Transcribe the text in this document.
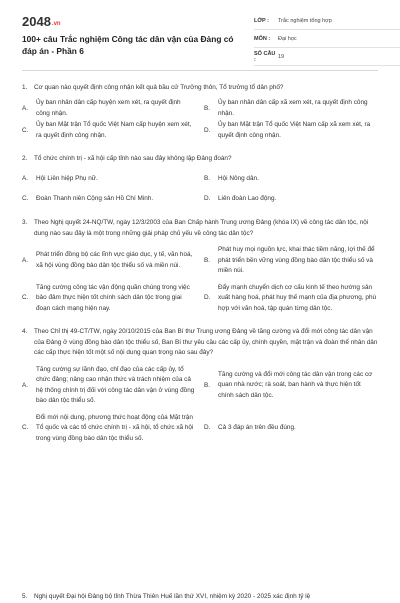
2048.vn
100+ câu Trắc nghiệm Công tác dân vận của Đảng có đáp án - Phần 6
LỚP :	Trắc nghiệm tổng hợp
MÔN :	Đại học
SỐ CÂU :	19
1. Cơ quan nào quyết định công nhận kết quả bầu cử Trưởng thôn, Tổ trưởng tổ dân phố?
A.
Ủy ban nhân dân cấp huyện xem xét, ra quyết định công nhận.
B.
Ủy ban nhân dân cấp xã xem xét, ra quyết định công nhận.
C.
Ủy ban Mặt trận Tổ quốc Việt Nam cấp huyện xem xét, ra quyết định công nhận.
D.
Ủy ban Mặt trận Tổ quốc Việt Nam cấp xã xem xét, ra quyết định công nhận.
2. Tổ chức chính trị - xã hội cấp tỉnh nào sau đây không lập Đảng đoàn?
A. Hội Liên hiệp Phụ nữ.	B. Hội Nông dân.
C. Đoàn Thanh niên Cộng sản Hồ Chí Minh.	D. Liên đoàn Lao động.
3. Theo Nghị quyết 24-NQ/TW, ngày 12/3/2003 của Ban Chấp hành Trung ương Đảng (khóa IX) về công tác dân tộc, nội dung nào sau đây là một trong những giải pháp chủ yếu về công tác dân tộc?
A.
Phát triển đồng bộ các lĩnh vực giáo dục, y tế, văn hoá, xã hội vùng đồng bào dân tộc thiểu số và miền núi.
B.
Phát huy mọi nguồn lực, khai thác tiềm năng, lợi thế để phát triển bền vững vùng đồng bào dân tộc thiểu số và miền núi.
C.
Tăng cường công tác vận động quần chúng trong việc bảo đảm thực hiện tốt chính sách dân tộc trong giai đoạn cách mạng hiện nay.
D.
Đẩy mạnh chuyển dịch cơ cấu kinh tế theo hướng sản xuất hàng hoá, phát huy thế mạnh của địa phương, phù hợp với văn hoá, tập quán từng dân tộc.
4. Theo Chỉ thị 49-CT/TW, ngày 20/10/2015 của Ban Bí thư Trung ương Đảng về tăng cường và đổi mới công tác dân vận của Đảng ở vùng đồng bào dân tộc thiểu số, Ban Bí thư yêu cầu các cấp ủy, chính quyền, mặt trận và đoàn thể nhân dân các cấp thực hiện tốt một số nội dung quan trọng nào sau đây?
A.
Tăng cường sự lãnh đạo, chỉ đạo của các cấp ủy, tổ chức đảng; nâng cao nhận thức và trách nhiệm của cả hệ thống chính trị đối với công tác dân vận ở vùng đồng bào dân tộc thiểu số.
B.
Tăng cường và đổi mới công tác dân vận trong các cơ quan nhà nước; rà soát, ban hành và thực hiện tốt chính sách dân tộc.
C.
Đổi mới nội dung, phương thức hoạt động của Mặt trận Tổ quốc và các tổ chức chính trị - xã hội, tổ chức xã hội trong vùng đồng bào dân tộc thiểu số.
D. Cả 3 đáp án trên đều đúng.
5. Nghị quyết Đại hội Đảng bộ tỉnh Thừa Thiên Huế lần thứ XVI, nhiệm kỳ 2020 - 2025 xác định tỷ lệ
